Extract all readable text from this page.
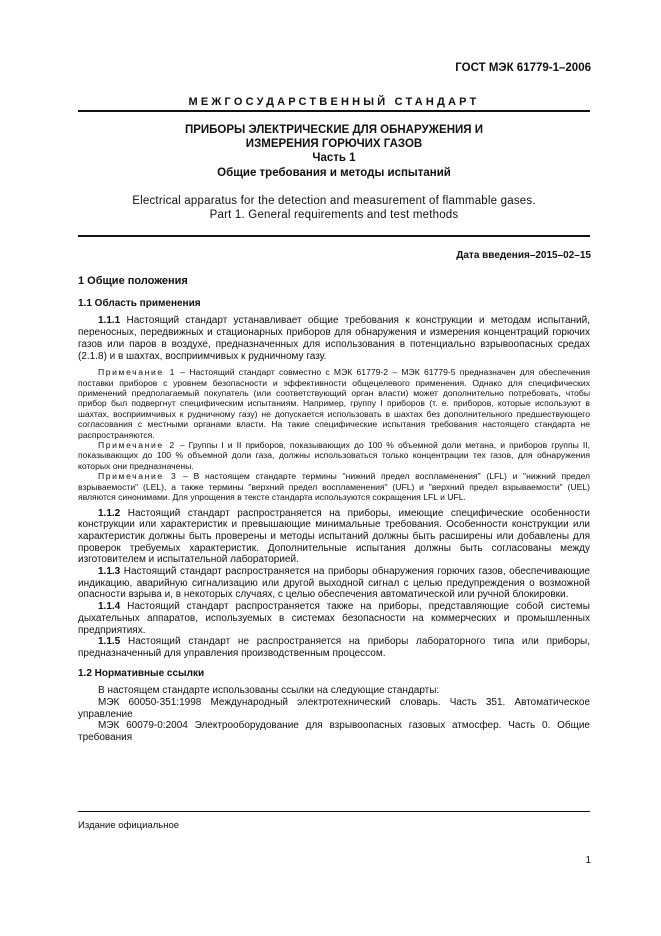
ГОСТ МЭК 61779-1–2006
МЕЖГОСУДАРСТВЕННЫЙ СТАНДАРТ
ПРИБОРЫ ЭЛЕКТРИЧЕСКИЕ ДЛЯ ОБНАРУЖЕНИЯ И
ИЗМЕРЕНИЯ ГОРЮЧИХ ГАЗОВ
Часть 1
Общие требования и методы испытаний
Electrical apparatus for the detection and measurement of flammable gases.
Part 1. General requirements and test methods
Дата введения–2015–02–15

1 Общие положения

1.1 Область применения

1.1.1 Настоящий стандарт устанавливает общие требования к конструкции и методам испытаний, переносных, передвижных и стационарных приборов для обнаружения и измерения концентраций горючих газов или паров в воздухе, предназначенных для использования в потенциально взрывоопасных средах (2.1.8) и в шахтах, восприимчивых к рудничному газу.

Примечание 1 – Настоящий стандарт совместно с МЭК 61779-2 – МЭК 61779-5 предназначен для обеспечения поставки приборов с уровнем безопасности и эффективности общецелевого применения. Однако для специфических применений предполагаемый покупатель (или соответствующий орган власти) может дополнительно потребовать, чтобы прибор был подвергнут специфическим испытаниям. Например, группу I приборов (т. е. приборов, которые используют в шахтах, восприимчивых к рудничному газу) не допускается использовать в шахтах без дополнительного предшествующего согласования с местными органами власти. На такие специфические испытания требования настоящего стандарта не распространяются.

Примечание 2 – Группы I и II приборов, показывающих до 100 % объемной доли метана, и приборов группы II, показывающих до 100 % объемной доли газа, должны использоваться только концентрации тех газов, для обнаружения которых они предназначены.

Примечание 3 – В настоящем стандарте термины "нижний предел воспламенения" (LFL) и "нижний предел взрываемости" (LEL), а также термины "верхний предел воспламенения" (UFL) и "верхний предел взрываемости" (UEL) являются синонимами. Для упрощения в тексте стандарта используются сокращения LFL и UFL.

1.1.2 Настоящий стандарт распространяется на приборы, имеющие специфические особенности конструкции или характеристик и превышающие минимальные требования. Особенности конструкции или характеристик должны быть проверены и методы испытаний должны быть расширены или добавлены для проверок требуемых характеристик. Дополнительные испытания должны быть согласованы между изготовителем и испытательной лабораторией.

1.1.3 Настоящий стандарт распространяется на приборы обнаружения горючих газов, обеспечивающие индикацию, аварийную сигнализацию или другой выходной сигнал с целью предупреждения о возможной опасности взрыва и, в некоторых случаях, с целью обеспечения автоматической или ручной блокировки.

1.1.4 Настоящий стандарт распространяется также на приборы, представляющие собой системы дыхательных аппаратов, используемых в системах безопасности на коммерческих и промышленных предприятиях.

1.1.5 Настоящий стандарт не распространяется на приборы лабораторного типа или приборы, предназначенный для управления производственным процессом.

1.2 Нормативные ссылки

В настоящем стандарте использованы ссылки на следующие стандарты:

МЭК 60050-351:1998 Международный электротехнический словарь. Часть 351. Автоматическое управление

МЭК 60079-0:2004 Электрооборудование для взрывоопасных газовых атмосфер. Часть 0. Общие требования

Издание официальное
1
